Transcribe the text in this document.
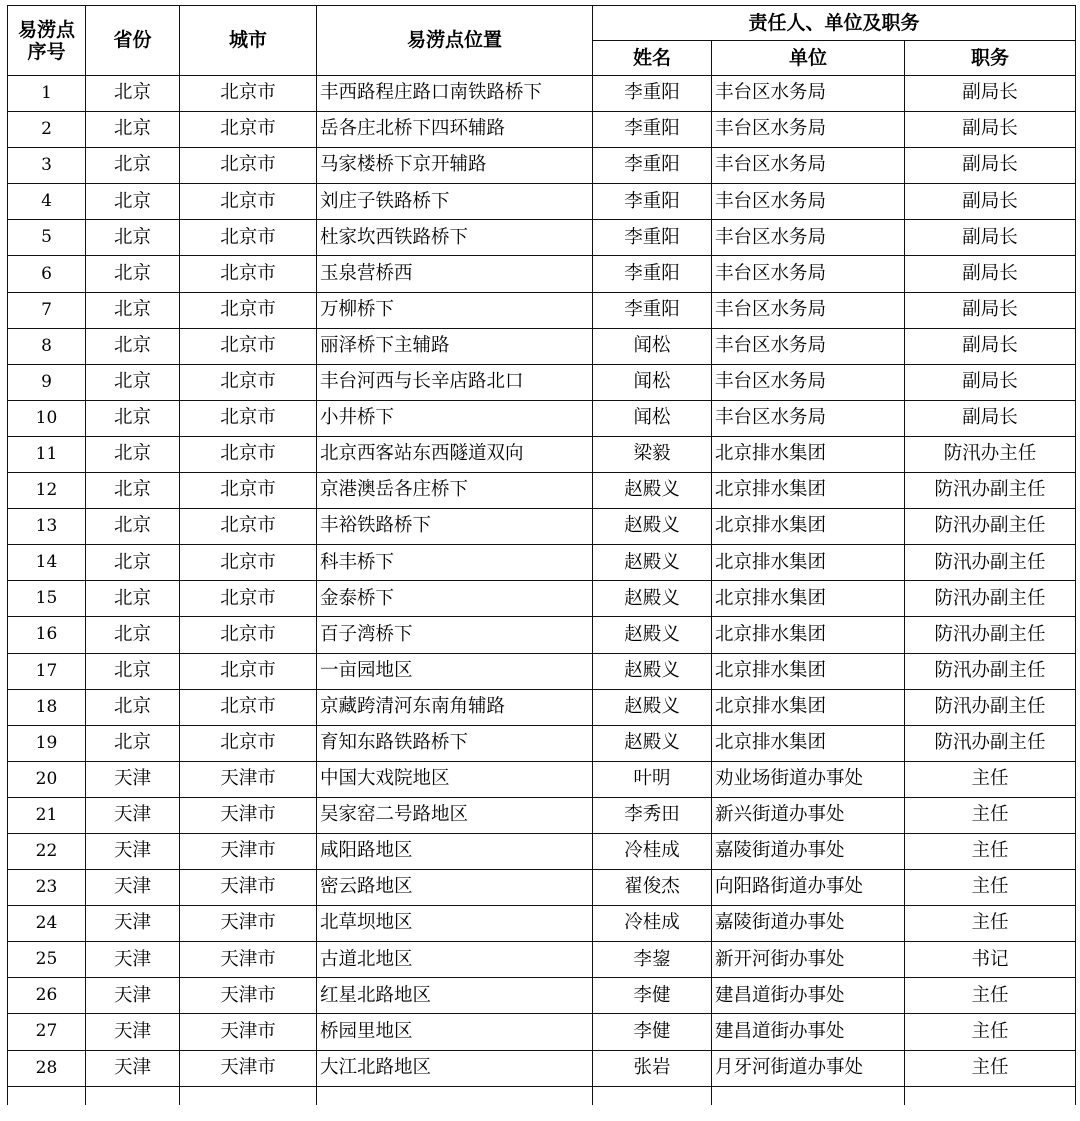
易涝点
序号	省份	城市	易涝点位置	责任人、单位及职务		
				姓名	单位	职务
1	北京	北京市	丰西路程庄路口南铁路桥下	李重阳	丰台区水务局	副局长
2	北京	北京市	岳各庄北桥下四环辅路	李重阳	丰台区水务局	副局长
3	北京	北京市	马家楼桥下京开辅路	李重阳	丰台区水务局	副局长
4	北京	北京市	刘庄子铁路桥下	李重阳	丰台区水务局	副局长
5	北京	北京市	杜家坎西铁路桥下	李重阳	丰台区水务局	副局长
6	北京	北京市	玉泉营桥西	李重阳	丰台区水务局	副局长
7	北京	北京市	万柳桥下	李重阳	丰台区水务局	副局长
8	北京	北京市	丽泽桥下主辅路	闻松	丰台区水务局	副局长
9	北京	北京市	丰台河西与长辛店路北口	闻松	丰台区水务局	副局长
10	北京	北京市	小井桥下	闻松	丰台区水务局	副局长
11	北京	北京市	北京西客站东西隧道双向	梁毅	北京排水集团	防汛办主任
12	北京	北京市	京港澳岳各庄桥下	赵殿义	北京排水集团	防汛办副主任
13	北京	北京市	丰裕铁路桥下	赵殿义	北京排水集团	防汛办副主任
14	北京	北京市	科丰桥下	赵殿义	北京排水集团	防汛办副主任
15	北京	北京市	金泰桥下	赵殿义	北京排水集团	防汛办副主任
16	北京	北京市	百子湾桥下	赵殿义	北京排水集团	防汛办副主任
17	北京	北京市	一亩园地区	赵殿义	北京排水集团	防汛办副主任
18	北京	北京市	京藏跨清河东南角辅路	赵殿义	北京排水集团	防汛办副主任
19	北京	北京市	育知东路铁路桥下	赵殿义	北京排水集团	防汛办副主任
20	天津	天津市	中国大戏院地区	叶明	劝业场街道办事处	主任
21	天津	天津市	吴家窑二号路地区	李秀田	新兴街道办事处	主任
22	天津	天津市	咸阳路地区	冷桂成	嘉陵街道办事处	主任
23	天津	天津市	密云路地区	翟俊杰	向阳路街道办事处	主任
24	天津	天津市	北草坝地区	冷桂成	嘉陵街道办事处	主任
25	天津	天津市	古道北地区	李鋆	新开河街办事处	书记
26	天津	天津市	红星北路地区	李健	建昌道街办事处	主任
27	天津	天津市	桥园里地区	李健	建昌道街办事处	主任
28	天津	天津市	大江北路地区	张岩	月牙河街道办事处	主任
